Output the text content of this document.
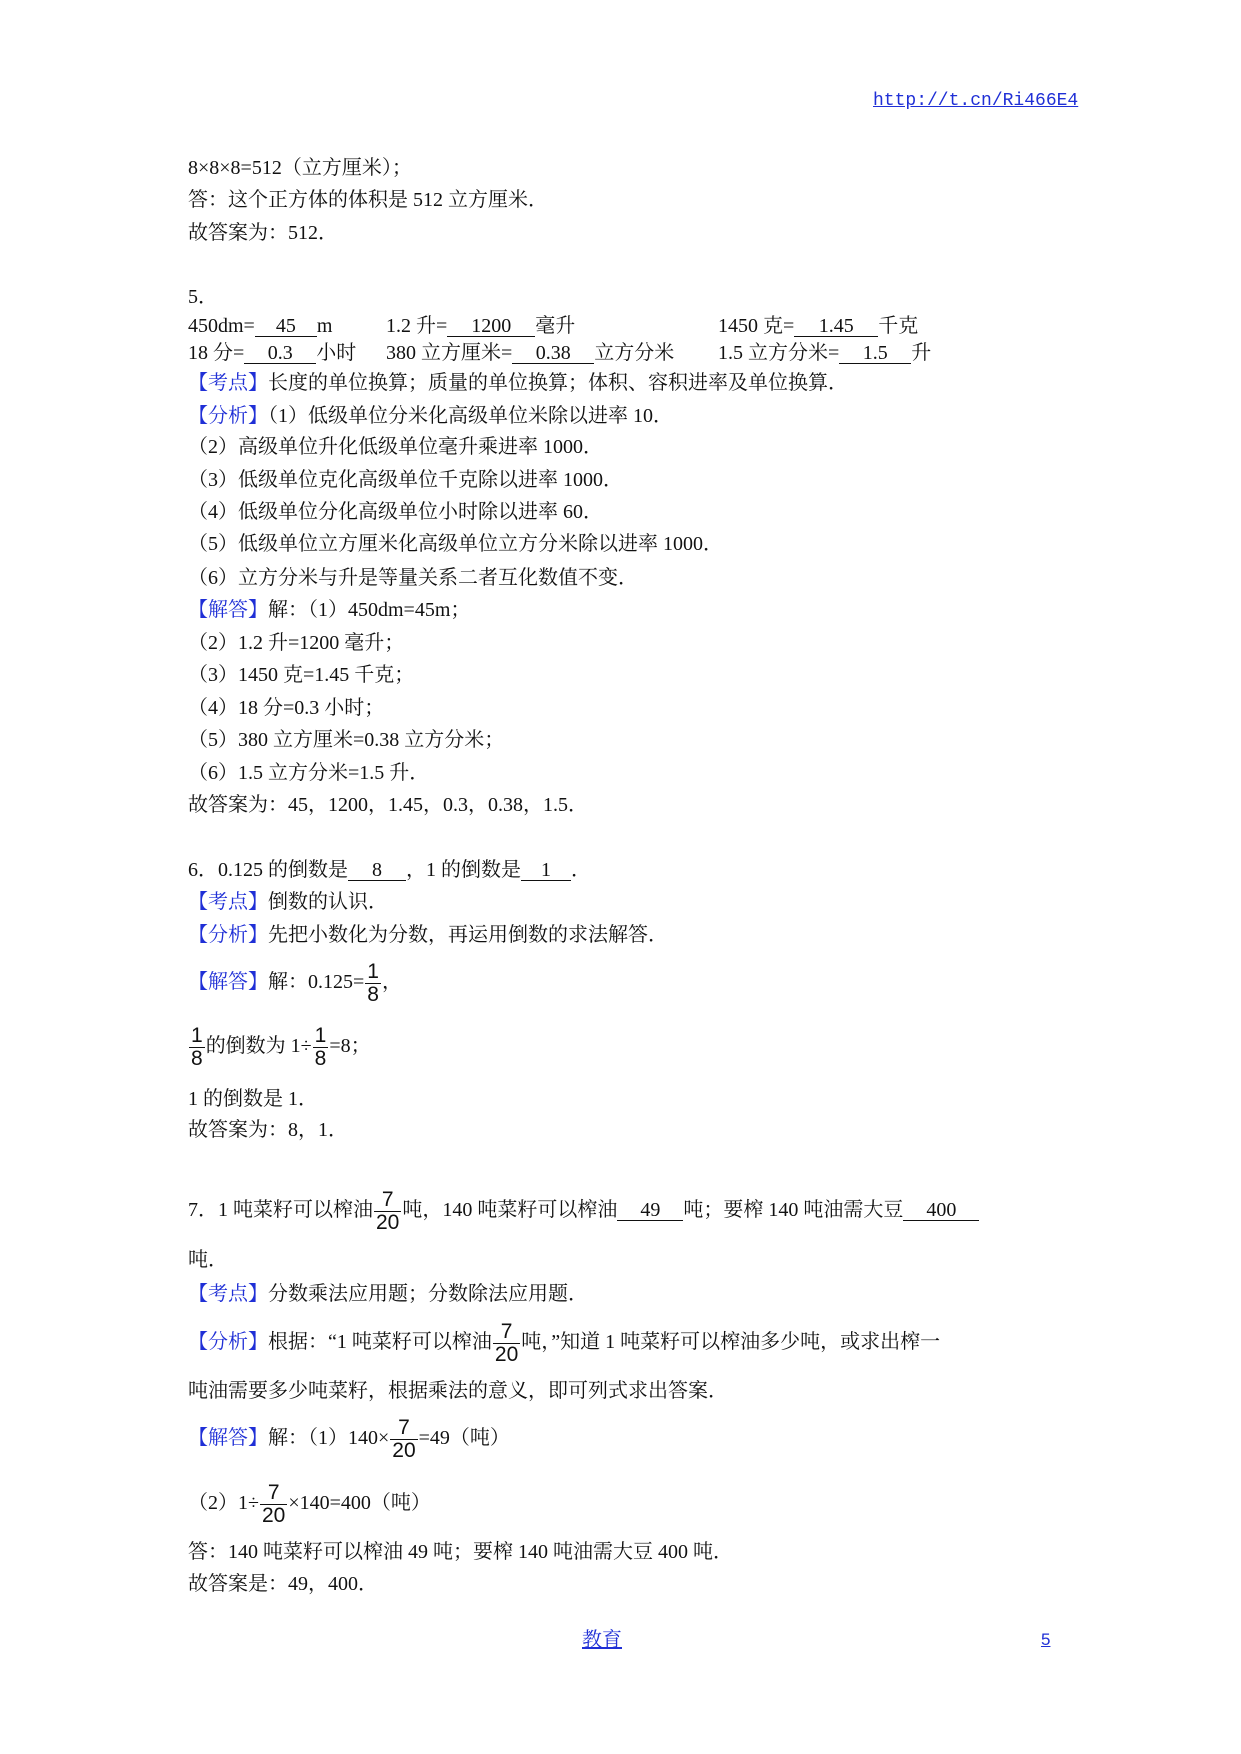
http://t.cn/Ri466E4
8×8×8=512（立方厘米）；
答：这个正方体的体积是 512 立方厘米．
故答案为：512．
5．
450dm= 45 m	1.2 升= 1200 毫升	1450 克= 1.45 千克
18 分= 0.3 小时 380 立方厘米= 0.38 立方分米 1.5 立方分米= 1.5 升
【考点】长度的单位换算；质量的单位换算；体积、容积进率及单位换算．
【分析】（1）低级单位分米化高级单位米除以进率 10．
（2）高级单位升化低级单位毫升乘进率 1000．
（3）低级单位克化高级单位千克除以进率 1000．
（4）低级单位分化高级单位小时除以进率 60．
（5）低级单位立方厘米化高级单位立方分米除以进率 1000．
（6）立方分米与升是等量关系二者互化数值不变．
【解答】解：（1）450dm=45m；
（2）1.2 升=1200 毫升；
（3）1450 克=1.45 千克；
（4）18 分=0.3 小时；
（5）380 立方厘米=0.38 立方分米；
（6）1.5 立方分米=1.5 升．
故答案为：45，1200，1.45，0.3，0.38，1.5．
6．0.125 的倒数是 8 ，1 的倒数是 1 ．
【考点】倒数的认识．
【分析】先把小数化为分数，再运用倒数的求法解答．
【解答】解：$0.125= \frac{1}{8}$ ，
$\frac{1}{8}$ 的倒数为 $1\div \frac{1}{8} =8$；
1 的倒数是 1．
故答案为：8，1．
7．1 吨菜籽可以榨油 $\frac{7}{20}$ 吨，140 吨菜籽可以榨油 49 吨；要榨 140 吨油需大豆 400
吨．
【考点】分数乘法应用题；分数除法应用题．
【分析】根据：“1 吨菜籽可以榨油 $\frac{7}{20}$ 吨，”知道 1 吨菜籽可以榨油多少吨，或求出榨一
吨油需要多少吨菜籽，根据乘法的意义，即可列式求出答案．
【解答】解：$(1)140\times \frac{7}{20} =49$（吨）
$(2)1\div \frac{7}{20} \times 140=400$（吨）
答：140 吨菜籽可以榨油 49 吨；要榨 140 吨油需大豆 400 吨．
故答案是：49，400．
教育	5
